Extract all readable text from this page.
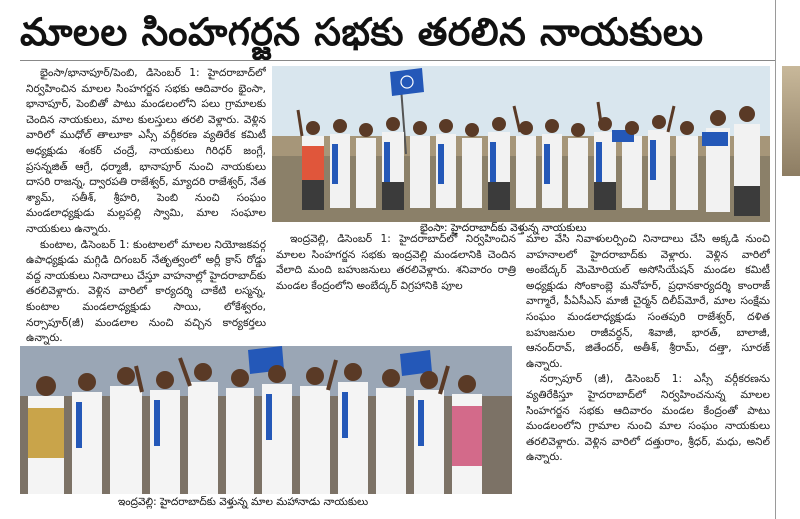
మాలల సింహగర్జన సభకు తరలిన నాయకులు

భైంసా/భానాపూర్/పెంబి, డిసెంబర్ 1: హైదరాబాద్‌లో నిర్వహించిన మాలల సింహగర్జన సభకు ఆదివారం భైంసా, భానాపూర్, పెంబితో పాటు మండలంలోని పలు గ్రామాలకు చెందిన నాయకులు, మాల కులస్తులు తరలి వెళ్లారు. వెళ్లిన వారిలో ముధోల్ తాలూకా ఎస్సీ వర్గీకరణ వ్యతిరేక కమిటీ అధ్యక్షుడు శంకర్ చంద్రే, నాయకులు గిరిధర్ జంగ్లే, ప్రసన్నజిత్ ఆగ్రే, ధర్మాజీ, భానాపూర్ నుంచి నాయకులు దాసరి రాజన్న, ద్వారపతి రాజేశ్వర్, మ్యాదరి రాజేశ్వర్, నేత శ్యామ్, సతీశ్, శ్రీహరి, పెంబి నుంచి సంఘం మండలాధ్యక్షుడు మల్లపల్లి స్వామి, మాల సంఘాల నాయకులు ఉన్నారు.

కుంటాల, డిసెంబర్ 1: కుంటాలలో మాలల నియోజకవర్గ ఉపాధ్యక్షుడు మగ్గిడి దిగంబర్ నేతృత్వంలో అర్లీ క్రాస్ రోడ్డు వద్ద నాయకులు నినాదాలు చేస్తూ వాహనాల్లో హైదరాబాద్‌కు తరలివెళ్లారు. వెళ్లిన వారిలో కార్యదర్శి చాకేటి లస్మన్న, కుంటాల మండలాధ్యక్షుడు సాయి, లోకేశ్వరం, నర్సాపూర్(జీ) మండలాల నుంచి వచ్చిన కార్యకర్తలు ఉన్నారు.

భైంసా: హైదరాబాద్‌కు వెళ్తున్న నాయకులు

ఇంద్రవెల్లి, డిసెంబర్ 1: హైదరాబాద్‌లో నిర్వహించిన మాలల సింహగర్జన సభకు ఇంద్రవెల్లి మండలానికి చెందిన వేలాది మంది బహుజనులు తరలివెళ్లారు. శనివారం రాత్రి మండల కేంద్రంలోని అంబేద్కర్ విగ్రహానికి పూల

మాల వేసి నివాళులర్పించి నినాదాలు చేసి అక్కడి నుంచి వాహనాలలో హైదరాబాద్‌కు వెళ్లారు. వెళ్లిన వారిలో అంబేద్కర్ మెమోరియల్ అసోసియేషన్ మండల కమిటీ అధ్యక్షుడు సోంకాంబ్లె మనోహర్, ప్రధానకార్యదర్శి కాంరాజ్ వాగ్మారే, పీఏసీఎస్ మాజీ చైర్మన్ దిలీప్‌మోరే, మాల సంక్షేమ సంఘం మండలాధ్యక్షుడు సంతపురి రాజేశ్వర్, దళిత బహుజనుల రాజీవర్ధన్, శివాజీ, భారత్, బాలాజీ, ఆనంద్‌రావ్, జితేందర్, అతీశ్, శ్రీరామ్, దత్తా, సూరజ్ ఉన్నారు.

నర్సాపూర్ (జీ), డిసెంబర్ 1: ఎస్సీ వర్గీకరణను వ్యతిరేకిస్తూ హైదరాబాద్‌లో నిర్వహించనున్న మాలల సింహగర్జన సభకు ఆదివారం మండల కేంద్రంతో పాటు మండలంలోని గ్రామాల నుంచి మాల సంఘం నాయకులు తరలివెళ్లారు. వెళ్లిన వారిలో దత్తురాం, శ్రీధర్, మధు, అనిల్ ఉన్నారు.

ఇంద్రవెల్లి: హైదరాబాద్‌కు వెళ్తున్న మాల మహానాడు నాయకులు
